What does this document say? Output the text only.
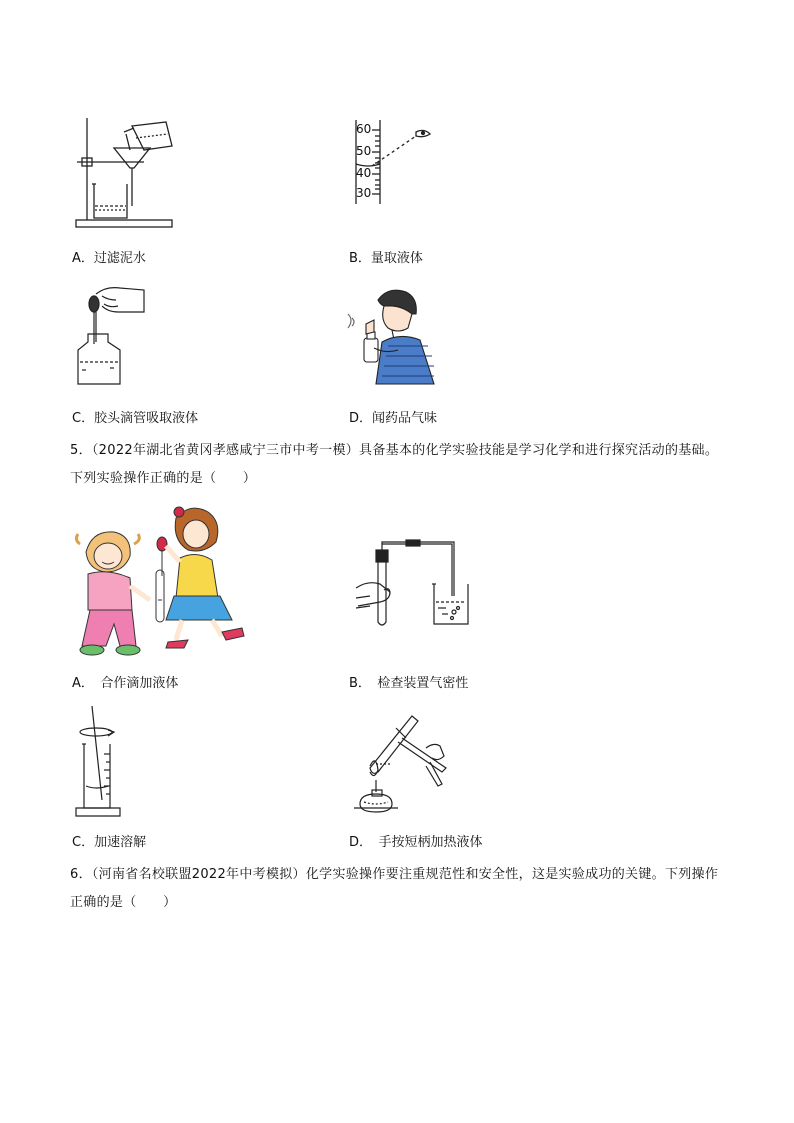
60
50
40
30
A．过滤泥水	B．量取液体
C．胶头滴管吸取液体	D．闻药品气味
5．（2022年湖北省黄冈孝感咸宁三市中考一模）具备基本的化学实验技能是学习化学和进行探究活动的基础。下列实验操作正确的是（　　）
A．　合作滴加液体	B．　检查装置气密性
C．加速溶解	D．　手按短柄加热液体
6．（河南省名校联盟2022年中考模拟）化学实验操作要注重规范性和安全性，这是实验成功的关键。下列操作正确的是（　　）
